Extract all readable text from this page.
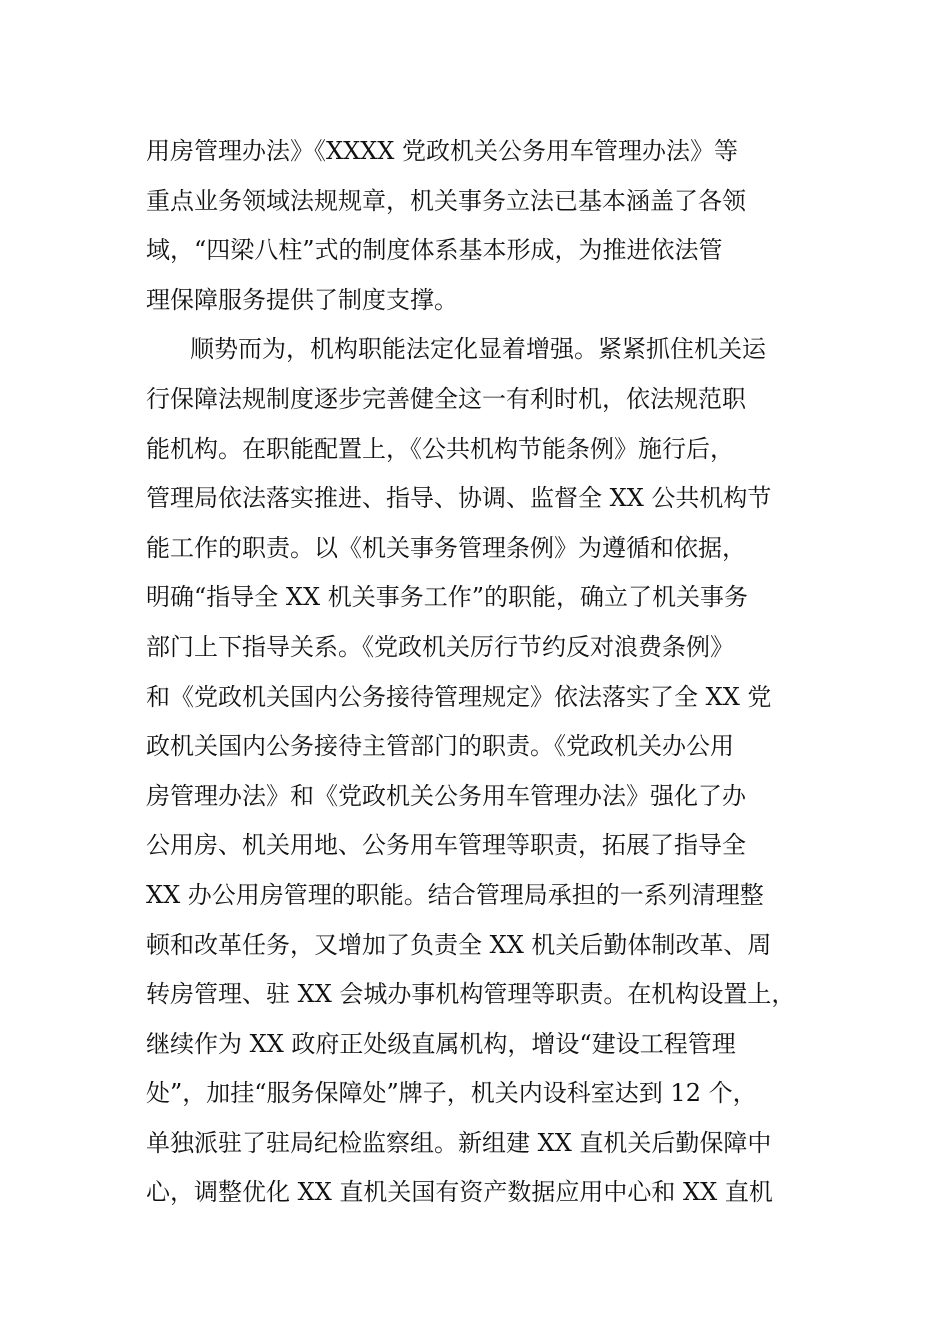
用房管理办法》《XXXX 党政机关公务用车管理办法》等
重点业务领域法规规章，机关事务立法已基本涵盖了各领
域，“四梁八柱”式的制度体系基本形成，为推进依法管
理保障服务提供了制度支撑。
顺势而为，机构职能法定化显着增强。紧紧抓住机关运
行保障法规制度逐步完善健全这一有利时机，依法规范职
能机构。在职能配置上，《公共机构节能条例》施行后，
管理局依法落实推进、指导、协调、监督全 XX 公共机构节
能工作的职责。以《机关事务管理条例》为遵循和依据，
明确“指导全 XX 机关事务工作”的职能，确立了机关事务
部门上下指导关系。《党政机关厉行节约反对浪费条例》
和《党政机关国内公务接待管理规定》依法落实了全 XX 党
政机关国内公务接待主管部门的职责。《党政机关办公用
房管理办法》和《党政机关公务用车管理办法》强化了办
公用房、机关用地、公务用车管理等职责，拓展了指导全
XX 办公用房管理的职能。结合管理局承担的一系列清理整
顿和改革任务，又增加了负责全 XX 机关后勤体制改革、周
转房管理、驻 XX 会城办事机构管理等职责。在机构设置上，
继续作为 XX 政府正处级直属机构，增设“建设工程管理
处”，加挂“服务保障处”牌子，机关内设科室达到 12 个，
单独派驻了驻局纪检监察组。新组建 XX 直机关后勤保障中
心，调整优化 XX 直机关国有资产数据应用中心和 XX 直机
